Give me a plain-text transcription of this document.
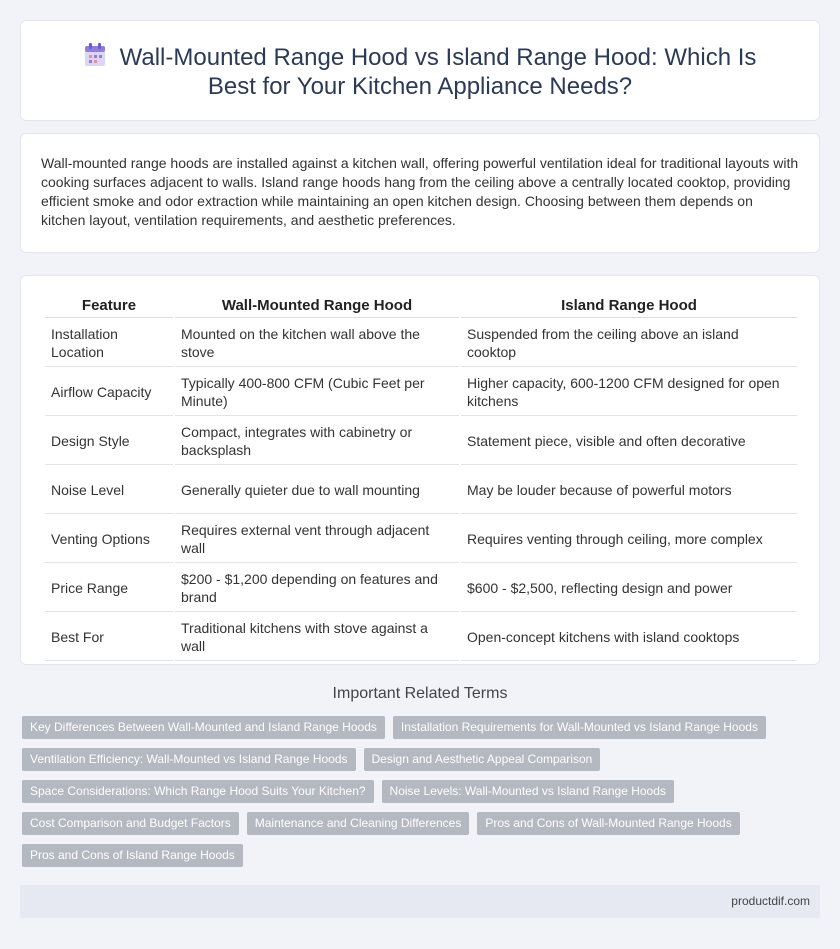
Wall-Mounted Range Hood vs Island Range Hood: Which Is Best for Your Kitchen Appliance Needs?

Wall-mounted range hoods are installed against a kitchen wall, offering powerful ventilation ideal for traditional layouts with cooking surfaces adjacent to walls. Island range hoods hang from the ceiling above a centrally located cooktop, providing efficient smoke and odor extraction while maintaining an open kitchen design. Choosing between them depends on kitchen layout, ventilation requirements, and aesthetic preferences.

Feature	Wall-Mounted Range Hood	Island Range Hood
Installation Location	Mounted on the kitchen wall above the stove	Suspended from the ceiling above an island cooktop
Airflow Capacity	Typically 400-800 CFM (Cubic Feet per Minute)	Higher capacity, 600-1200 CFM designed for open kitchens
Design Style	Compact, integrates with cabinetry or backsplash	Statement piece, visible and often decorative
Noise Level	Generally quieter due to wall mounting	May be louder because of powerful motors
Venting Options	Requires external vent through adjacent wall	Requires venting through ceiling, more complex
Price Range	$200 - $1,200 depending on features and brand	$600 - $2,500, reflecting design and power
Best For	Traditional kitchens with stove against a wall	Open-concept kitchens with island cooktops
Important Related Terms
Key Differences Between Wall-Mounted and Island Range Hoods	Installation Requirements for Wall-Mounted vs Island Range Hoods
Ventilation Efficiency: Wall-Mounted vs Island Range Hoods	Design and Aesthetic Appeal Comparison
Space Considerations: Which Range Hood Suits Your Kitchen?	Noise Levels: Wall-Mounted vs Island Range Hoods
Cost Comparison and Budget Factors	Maintenance and Cleaning Differences	Pros and Cons of Wall-Mounted Range Hoods
Pros and Cons of Island Range Hoods
productdif.com
